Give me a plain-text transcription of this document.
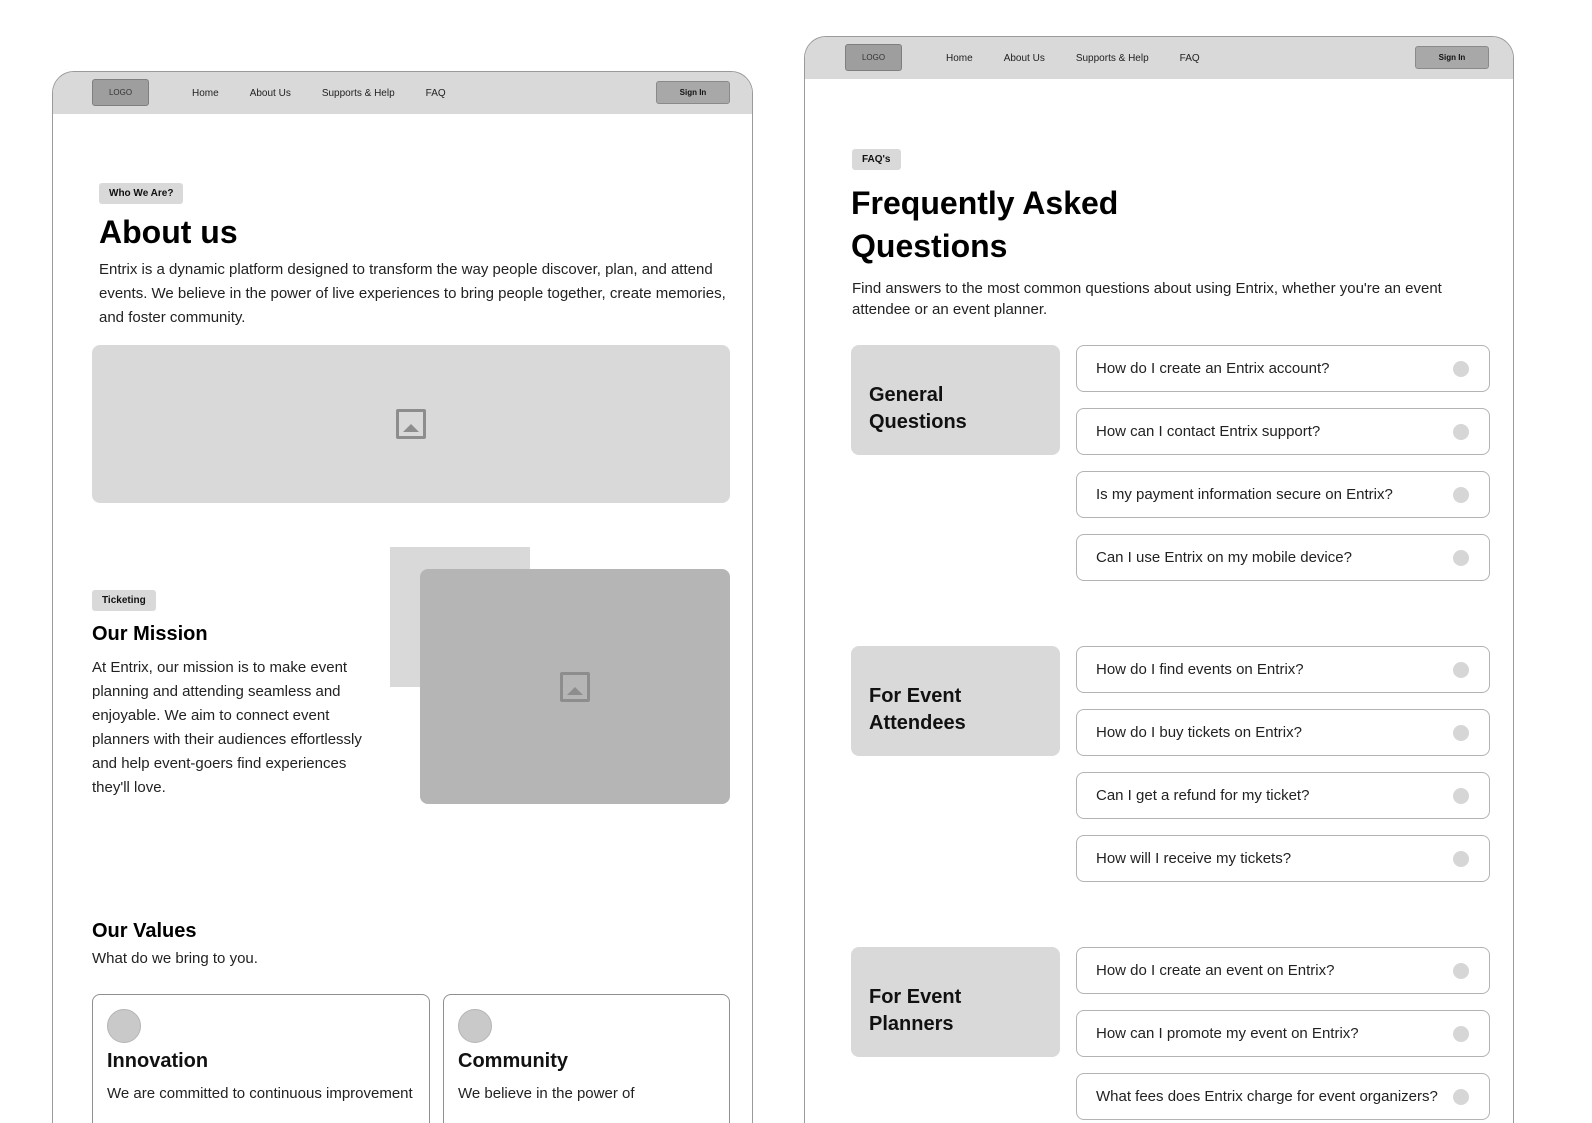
LOGO	Home	About Us	Supports & Help	FAQ	Sign In
Who We Are?
About us
Entrix is a dynamic platform designed to transform the way people discover, plan, and attend
events. We believe in the power of live experiences to bring people together, create memories,
and foster community.
Ticketing
Our Mission
At Entrix, our mission is to make event
planning and attending seamless and
enjoyable. We aim to connect event
planners with their audiences effortlessly
and help event-goers find experiences
they'll love.
Our Values
What do we bring to you.
Innovation
We are committed to continuous improvement
Community
We believe in the power of
LOGO	Home	About Us	Supports & Help	FAQ	Sign In
FAQ's
Frequently Asked
Questions
Find answers to the most common questions about using Entrix, whether you're an event
attendee or an event planner.
General
Questions
How do I create an Entrix account?
How can I contact Entrix support?
Is my payment information secure on Entrix?
Can I use Entrix on my mobile device?
For Event
Attendees
How do I find events on Entrix?
How do I buy tickets on Entrix?
Can I get a refund for my ticket?
How will I receive my tickets?
For Event
Planners
How do I create an event on Entrix?
How can I promote my event on Entrix?
What fees does Entrix charge for event organizers?
